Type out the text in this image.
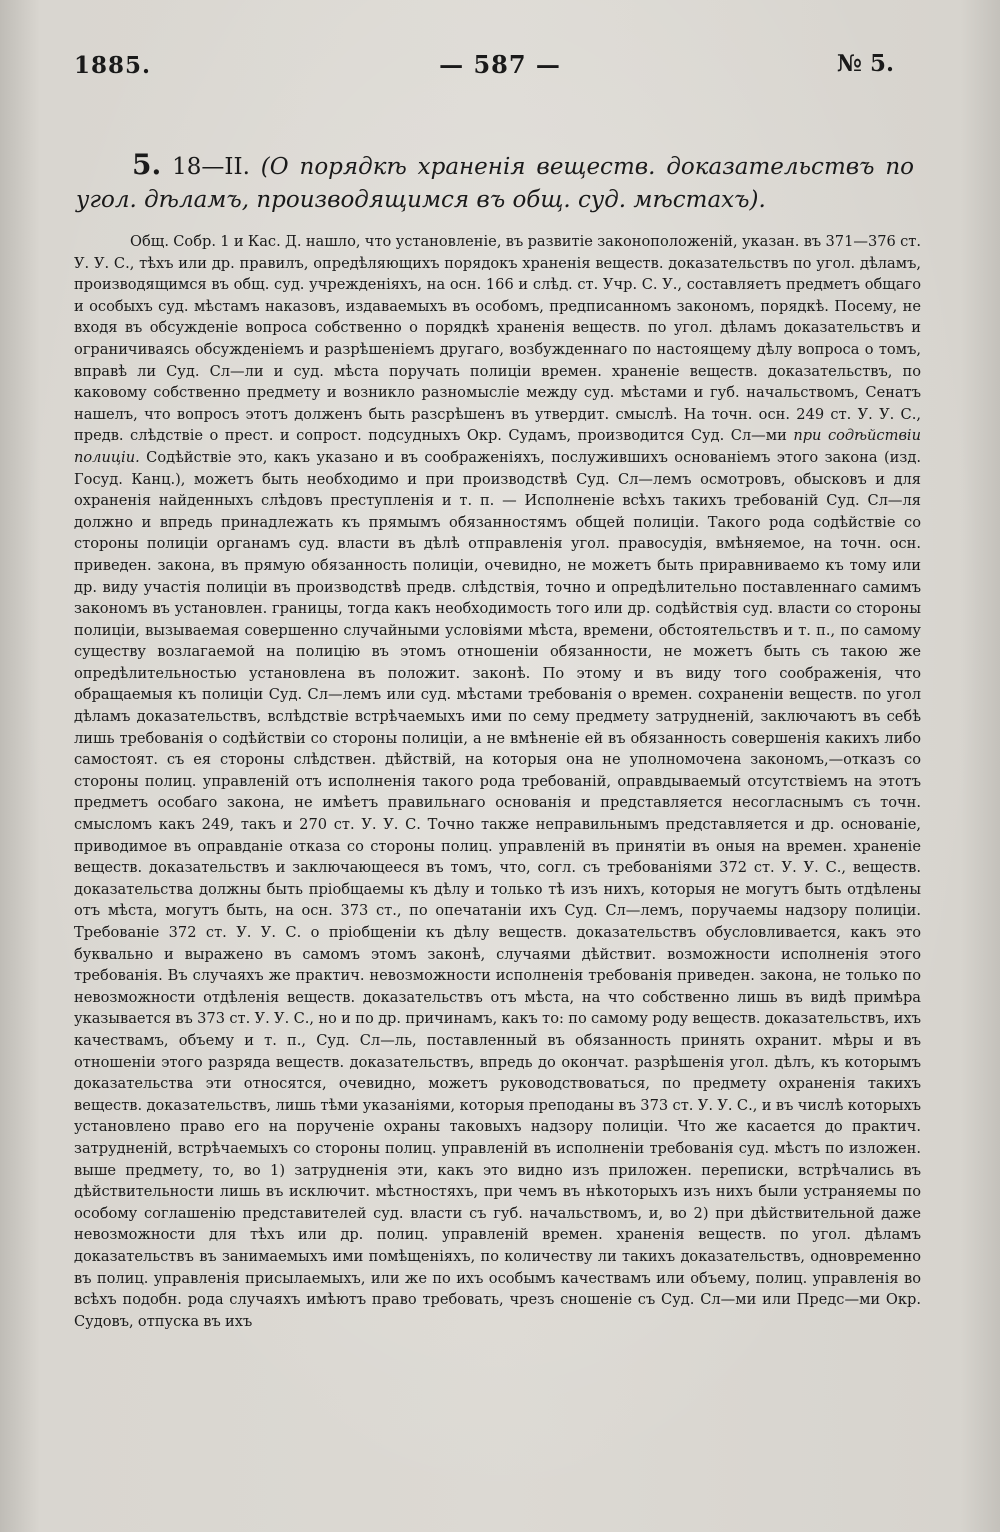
1885.	— 587 —	№ 5.
5. 18—II. (О порядкѣ храненія веществ. доказательствъ по угол. дѣламъ, производящимся въ общ. суд. мѣстахъ).

Общ. Собр. 1 и Кас. Д. нашло, что установленіе, въ развитіе законоположеній, указан. въ 371—376 ст. У. У. С., тѣхъ или др. правилъ, опредѣляющихъ порядокъ храненія веществ. доказательствъ по угол. дѣламъ, производящимся въ общ. суд. учрежденіяхъ, на осн. 166 и слѣд. ст. Учр. С. У., составляетъ предметъ общаго и особыхъ суд. мѣстамъ наказовъ, издаваемыхъ въ особомъ, предписанномъ закономъ, порядкѣ. Посему, не входя въ обсужденіе вопроса собственно о порядкѣ храненія веществ. по угол. дѣламъ доказательствъ и ограничиваясь обсужденіемъ и разрѣшеніемъ другаго, возбужденнаго по настоящему дѣлу вопроса о томъ, вправѣ ли Суд. Сл—ли и суд. мѣста поручать полиціи времен. храненіе веществ. доказательствъ, по каковому собственно предмету и возникло разномысліе между суд. мѣстами и губ. начальствомъ, Сенатъ нашелъ, что вопросъ этотъ долженъ быть разсрѣшенъ въ утвердит. смыслѣ. На точн. осн. 249 ст. У. У. С., предв. слѣдствіе о прест. и сопрост. подсудныхъ Окр. Судамъ, производится Суд. Сл—ми при содѣйствіи полиціи. Содѣйствіе это, какъ указано и въ соображеніяхъ, послужившихъ основаніемъ этого закона (изд. Госуд. Канц.), можетъ быть необходимо и при производствѣ Суд. Сл—лемъ осмотровъ, обысковъ и для охраненія найденныхъ слѣдовъ преступленія и т. п. — Исполненіе всѣхъ такихъ требованій Суд. Сл—ля должно и впредь принадлежать къ прямымъ обязанностямъ общей полиціи. Такого рода содѣйствіе со стороны полиціи органамъ суд. власти въ дѣлѣ отправленія угол. правосудія, вмѣняемое, на точн. осн. приведен. закона, въ прямую обязанность полиціи, очевидно, не можетъ быть приравниваемо къ тому или др. виду участія полиціи въ производствѣ предв. слѣдствія, точно и опредѣлительно поставленнаго самимъ закономъ въ установлен. границы, тогда какъ необходимость того или др. содѣйствія суд. власти со стороны полиціи, вызываемая совершенно случайными условіями мѣста, времени, обстоятельствъ и т. п., по самому существу возлагаемой на полицію въ этомъ отношеніи обязанности, не можетъ быть съ такою же опредѣлительностью установлена въ положит. законѣ. По этому и въ виду того соображенія, что обращаемыя къ полиціи Суд. Сл—лемъ или суд. мѣстами требованія о времен. сохраненіи веществ. по угол дѣламъ доказательствъ, вслѣдствіе встрѣчаемыхъ ими по сему предмету затрудненій, заключаютъ въ себѣ лишь требованія о содѣйствіи со стороны полиціи, а не вмѣненіе ей въ обязанность совершенія какихъ либо самостоят. съ ея стороны слѣдствен. дѣйствій, на которыя она не уполномочена закономъ,—отказъ со стороны полиц. управленій отъ исполненія такого рода требованій, оправдываемый отсутствіемъ на этотъ предметъ особаго закона, не имѣетъ правильнаго основанія и представляется несогласнымъ съ точн. смысломъ какъ 249, такъ и 270 ст. У. У. С. Точно также неправильнымъ представляется и др. основаніе, приводимое въ оправданіе отказа со стороны полиц. управленій въ принятіи въ оныя на времен. храненіе веществ. доказательствъ и заключающееся въ томъ, что, согл. съ требованіями 372 ст. У. У. С., веществ. доказательства должны быть пріобщаемы къ дѣлу и только тѣ изъ нихъ, которыя не могутъ быть отдѣлены отъ мѣста, могутъ быть, на осн. 373 ст., по опечатаніи ихъ Суд. Сл—лемъ, поручаемы надзору полиціи. Требованіе 372 ст. У. У. С. о пріобщеніи къ дѣлу веществ. доказательствъ обусловливается, какъ это буквально и выражено въ самомъ этомъ законѣ, случаями дѣйствит. возможности исполненія этого требованія. Въ случаяхъ же практич. невозможности исполненія требованія приведен. закона, не только по невозможности отдѣленія веществ. доказательствъ отъ мѣста, на что собственно лишь въ видѣ примѣра указывается въ 373 ст. У. У. С., но и по др. причинамъ, какъ то: по самому роду веществ. доказательствъ, ихъ качествамъ, объему и т. п., Суд. Сл—ль, поставленный въ обязанность принять охранит. мѣры и въ отношеніи этого разряда веществ. доказательствъ, впредь до окончат. разрѣшенія угол. дѣлъ, къ которымъ доказательства эти относятся, очевидно, можетъ руководствоваться, по предмету охраненія такихъ веществ. доказательствъ, лишь тѣми указаніями, которыя преподаны въ 373 ст. У. У. С., и въ числѣ которыхъ установлено право его на порученіе охраны таковыхъ надзору полиціи. Что же касается до практич. затрудненій, встрѣчаемыхъ со стороны полиц. управленій въ исполненіи требованія суд. мѣстъ по изложен. выше предмету, то, во 1) затрудненія эти, какъ это видно изъ приложен. переписки, встрѣчались въ дѣйствительности лишь въ исключит. мѣстностяхъ, при чемъ въ нѣкоторыхъ изъ нихъ были устраняемы по особому соглашенію представителей суд. власти съ губ. начальствомъ, и, во 2) при дѣйствительной даже невозможности для тѣхъ или др. полиц. управленій времен. храненія веществ. по угол. дѣламъ доказательствъ въ занимаемыхъ ими помѣщеніяхъ, по количеству ли такихъ доказательствъ, одновременно въ полиц. управленія присылаемыхъ, или же по ихъ особымъ качествамъ или объему, полиц. управленія во всѣхъ подобн. рода случаяхъ имѣютъ право требовать, чрезъ сношеніе съ Суд. Сл—ми или Предс—ми Окр. Судовъ, отпуска въ ихъ
